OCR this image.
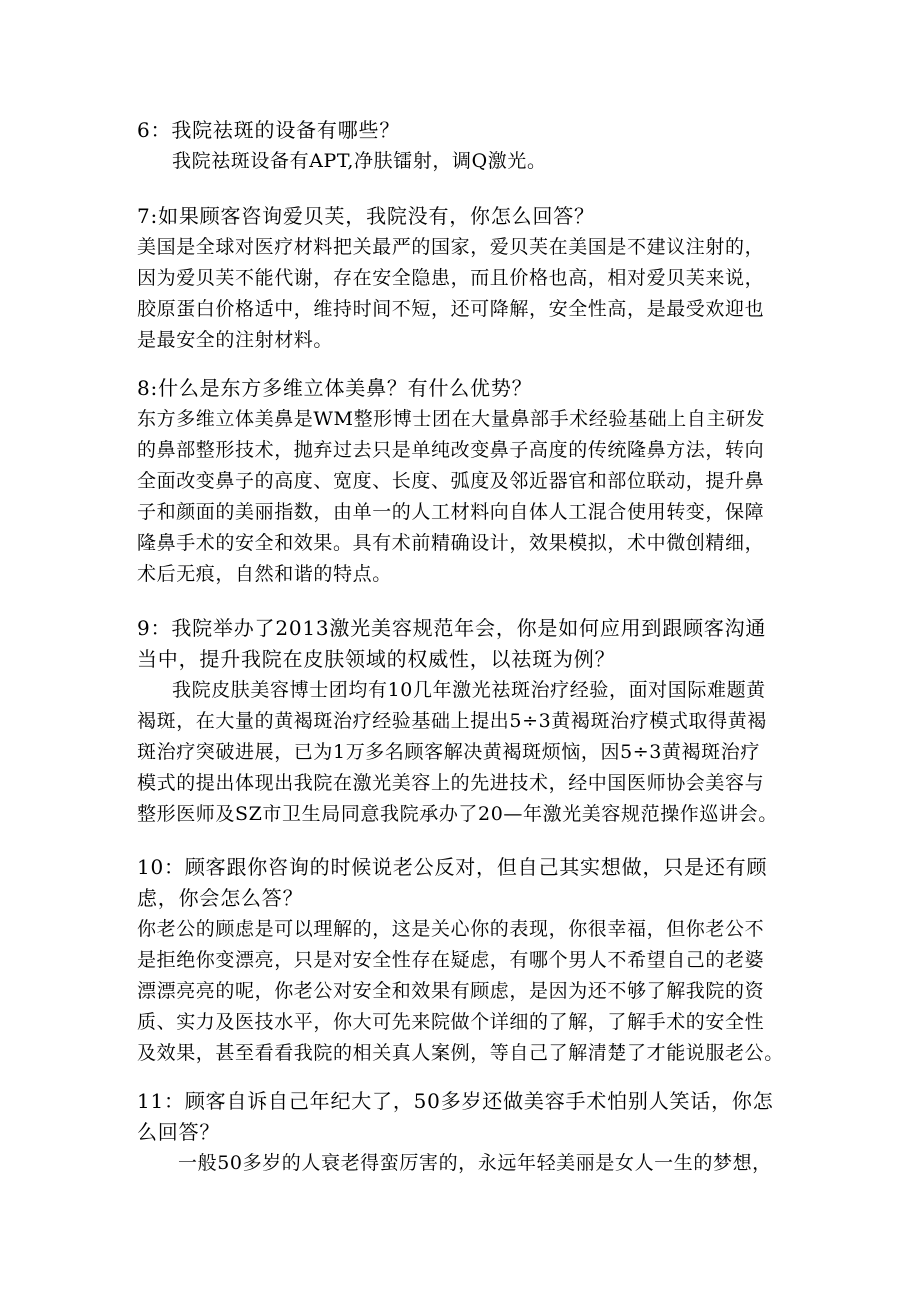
6：我院祛斑的设备有哪些？
我院祛斑设备有APT,净肤镭射，调Q激光。
7:如果顾客咨询爱贝芙，我院没有，你怎么回答？
美国是全球对医疗材料把关最严的国家，爱贝芙在美国是不建议注射的，
因为爱贝芙不能代谢，存在安全隐患，而且价格也高，相对爱贝芙来说，
胶原蛋白价格适中，维持时间不短，还可降解，安全性高，是最受欢迎也
是最安全的注射材料。
8:什么是东方多维立体美鼻？有什么优势？
东方多维立体美鼻是WM整形博士团在大量鼻部手术经验基础上自主研发
的鼻部整形技术，抛弃过去只是单纯改变鼻子高度的传统隆鼻方法，转向
全面改变鼻子的高度、宽度、长度、弧度及邻近器官和部位联动，提升鼻
子和颜面的美丽指数，由单一的人工材料向自体人工混合使用转变，保障
隆鼻手术的安全和效果。具有术前精确设计，效果模拟，术中微创精细，
术后无痕，自然和谐的特点。
9：我院举办了2013激光美容规范年会，你是如何应用到跟顾客沟通
当中，提升我院在皮肤领域的权威性，以祛斑为例？
我院皮肤美容博士团均有10几年激光祛斑治疗经验，面对国际难题黄
褐斑，在大量的黄褐斑治疗经验基础上提出5÷3黄褐斑治疗模式取得黄褐
斑治疗突破进展，已为1万多名顾客解决黄褐斑烦恼，因5÷3黄褐斑治疗
模式的提出体现出我院在激光美容上的先进技术，经中国医师协会美容与
整形医师及SZ市卫生局同意我院承办了20—年激光美容规范操作巡讲会。
10：顾客跟你咨询的时候说老公反对，但自己其实想做，只是还有顾
虑，你会怎么答？
你老公的顾虑是可以理解的，这是关心你的表现，你很幸福，但你老公不
是拒绝你变漂亮，只是对安全性存在疑虑，有哪个男人不希望自己的老婆
漂漂亮亮的呢，你老公对安全和效果有顾虑，是因为还不够了解我院的资
质、实力及医技水平，你大可先来院做个详细的了解，了解手术的安全性
及效果，甚至看看我院的相关真人案例，等自己了解清楚了才能说服老公。
11：顾客自诉自己年纪大了，50多岁还做美容手术怕别人笑话，你怎
么回答？
一般50多岁的人衰老得蛮厉害的，永远年轻美丽是女人一生的梦想，
